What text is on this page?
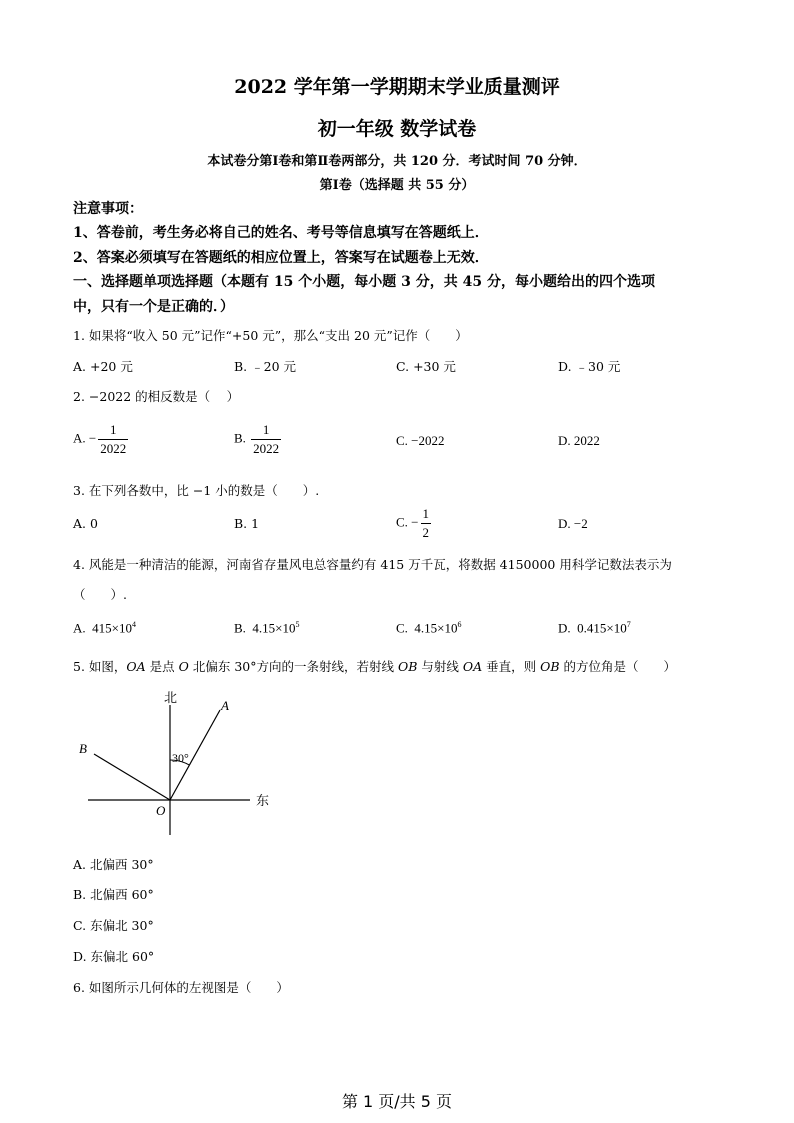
2022 学年第一学期期末学业质量测评
初一年级 数学试卷
本试卷分第Ⅰ卷和第Ⅱ卷两部分，共 120 分．考试时间 70 分钟．
第Ⅰ卷（选择题 共 55 分）
注意事项：
1、答卷前，考生务必将自己的姓名、考号等信息填写在答题纸上．
2、答案必须填写在答题纸的相应位置上，答案写在试题卷上无效．
一、选择题单项选择题（本题有 15 个小题，每小题 3 分，共 45 分，每小题给出的四个选项
中，只有一个是正确的．）
1. 如果将“收入 50 元”记作“+50 元”，那么“支出 20 元”记作（　　）
A. +20 元	B. ﹣20 元	C. +30 元	D. ﹣30 元
2. −2022 的相反数是（　 ）
A. − $\frac{1}{2022}$	B. $\frac{1}{2022}$	C. −2022	D. 2022
3. 在下列各数中，比 −1 小的数是（　　）.
A. 0	B. 1	C. − $\frac{1}{2}$	D. −2
4. 风能是一种清洁的能源，河南省存量风电总容量约有 415 万千瓦，将数据 4150000 用科学记数法表示为
（　　）.
A. $415\times 10^4$	B. $4.15\times 10^5$	C. $4.15\times 10^6$	D. $0.415\times 10^7$
5. 如图，OA 是点 O 北偏东 30°方向的一条射线，若射线 OB 与射线 OA 垂直，则 OB 的方位角是（　　）
北
东
A
B
O
30°
A. 北偏西 30°
B. 北偏西 60°
C. 东偏北 30°
D. 东偏北 60°
6. 如图所示几何体的左视图是（　　）
第 1 页/共 5 页
